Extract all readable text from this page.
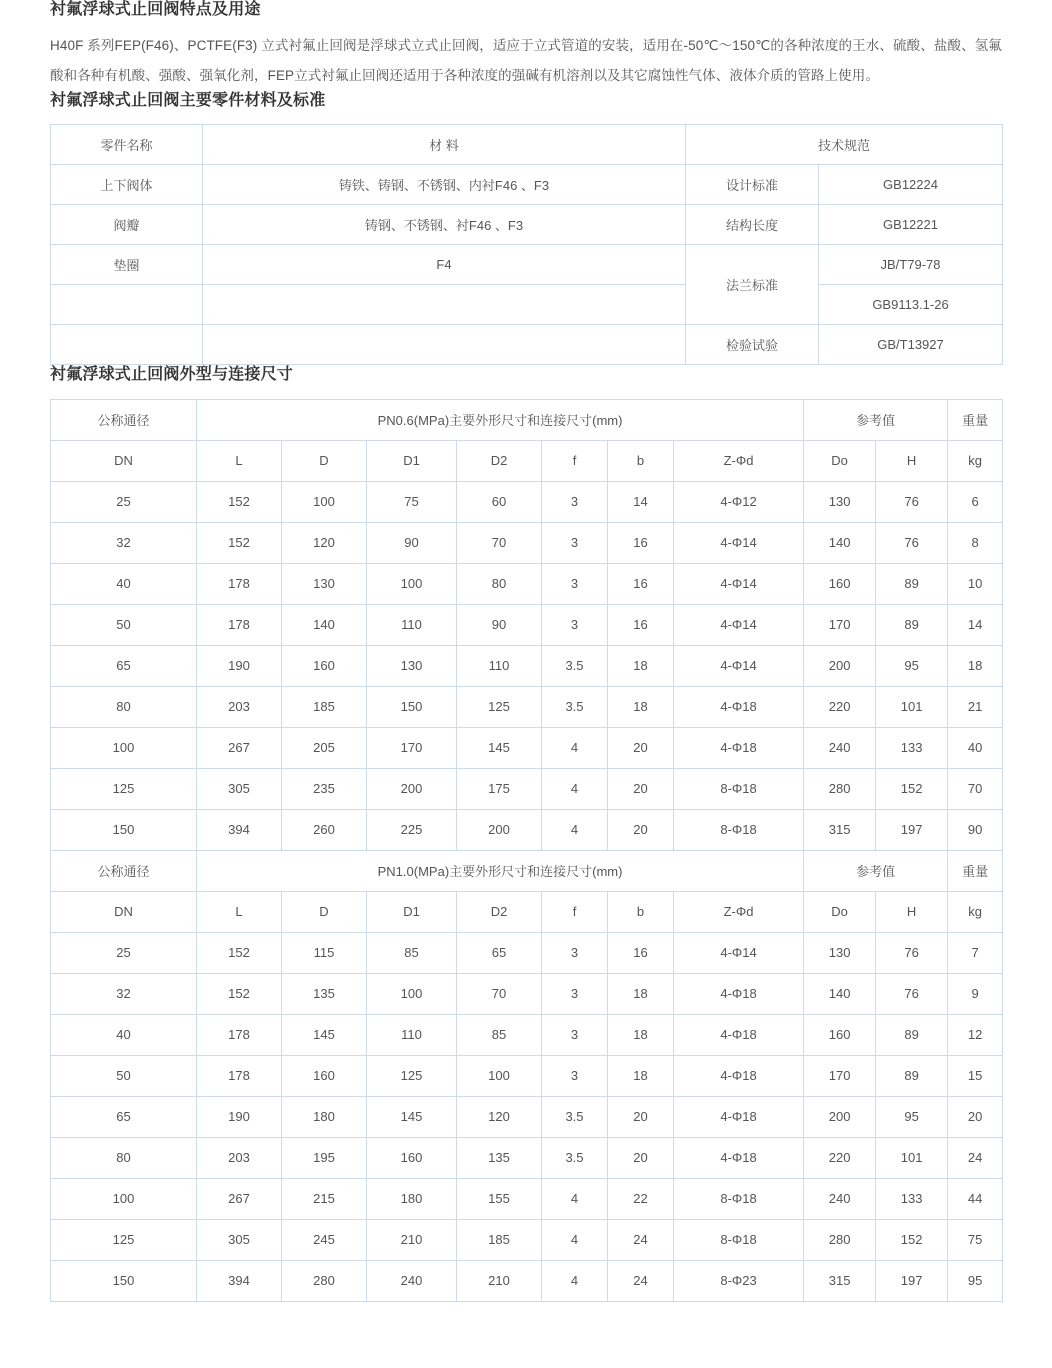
衬氟浮球式止回阀特点及用途

H40F 系列FEP(F46)、PCTFE(F3) 立式衬氟止回阀是浮球式立式止回阀，适应于立式管道的安装，适用在-50℃～150℃的各种浓度的王水、硫酸、盐酸、氢氟酸和各种有机酸、强酸、强氧化剂，FEP立式衬氟止回阀还适用于各种浓度的强碱有机溶剂以及其它腐蚀性气体、液体介质的管路上使用。

衬氟浮球式止回阀主要零件材料及标准
零件名称	材 料	技术规范	
上下阀体	铸铁、铸钢、不锈钢、内衬F46 、F3	设计标准	GB12224
阀瓣	铸钢、不锈钢、衬F46 、F3	结构长度	GB12221
垫圈	F4	法兰标准	JB/T79-78
			GB9113.1-26
		检验试验	GB/T13927
衬氟浮球式止回阀外型与连接尺寸
公称通径	PN0.6(MPa)主要外形尺寸和连接尺寸(mm)							参考值		重量
DN	L	D	D1	D2	f	b	Z-Φd	Do	H	kg
25	152	100	75	60	3	14	4-Φ12	130	76	6
32	152	120	90	70	3	16	4-Φ14	140	76	8
40	178	130	100	80	3	16	4-Φ14	160	89	10
50	178	140	110	90	3	16	4-Φ14	170	89	14
65	190	160	130	110	3.5	18	4-Φ14	200	95	18
80	203	185	150	125	3.5	18	4-Φ18	220	101	21
100	267	205	170	145	4	20	4-Φ18	240	133	40
125	305	235	200	175	4	20	8-Φ18	280	152	70
150	394	260	225	200	4	20	8-Φ18	315	197	90
公称通径	PN1.0(MPa)主要外形尺寸和连接尺寸(mm)							参考值		重量
DN	L	D	D1	D2	f	b	Z-Φd	Do	H	kg
25	152	115	85	65	3	16	4-Φ14	130	76	7
32	152	135	100	70	3	18	4-Φ18	140	76	9
40	178	145	110	85	3	18	4-Φ18	160	89	12
50	178	160	125	100	3	18	4-Φ18	170	89	15
65	190	180	145	120	3.5	20	4-Φ18	200	95	20
80	203	195	160	135	3.5	20	4-Φ18	220	101	24
100	267	215	180	155	4	22	8-Φ18	240	133	44
125	305	245	210	185	4	24	8-Φ18	280	152	75
150	394	280	240	210	4	24	8-Φ23	315	197	95
